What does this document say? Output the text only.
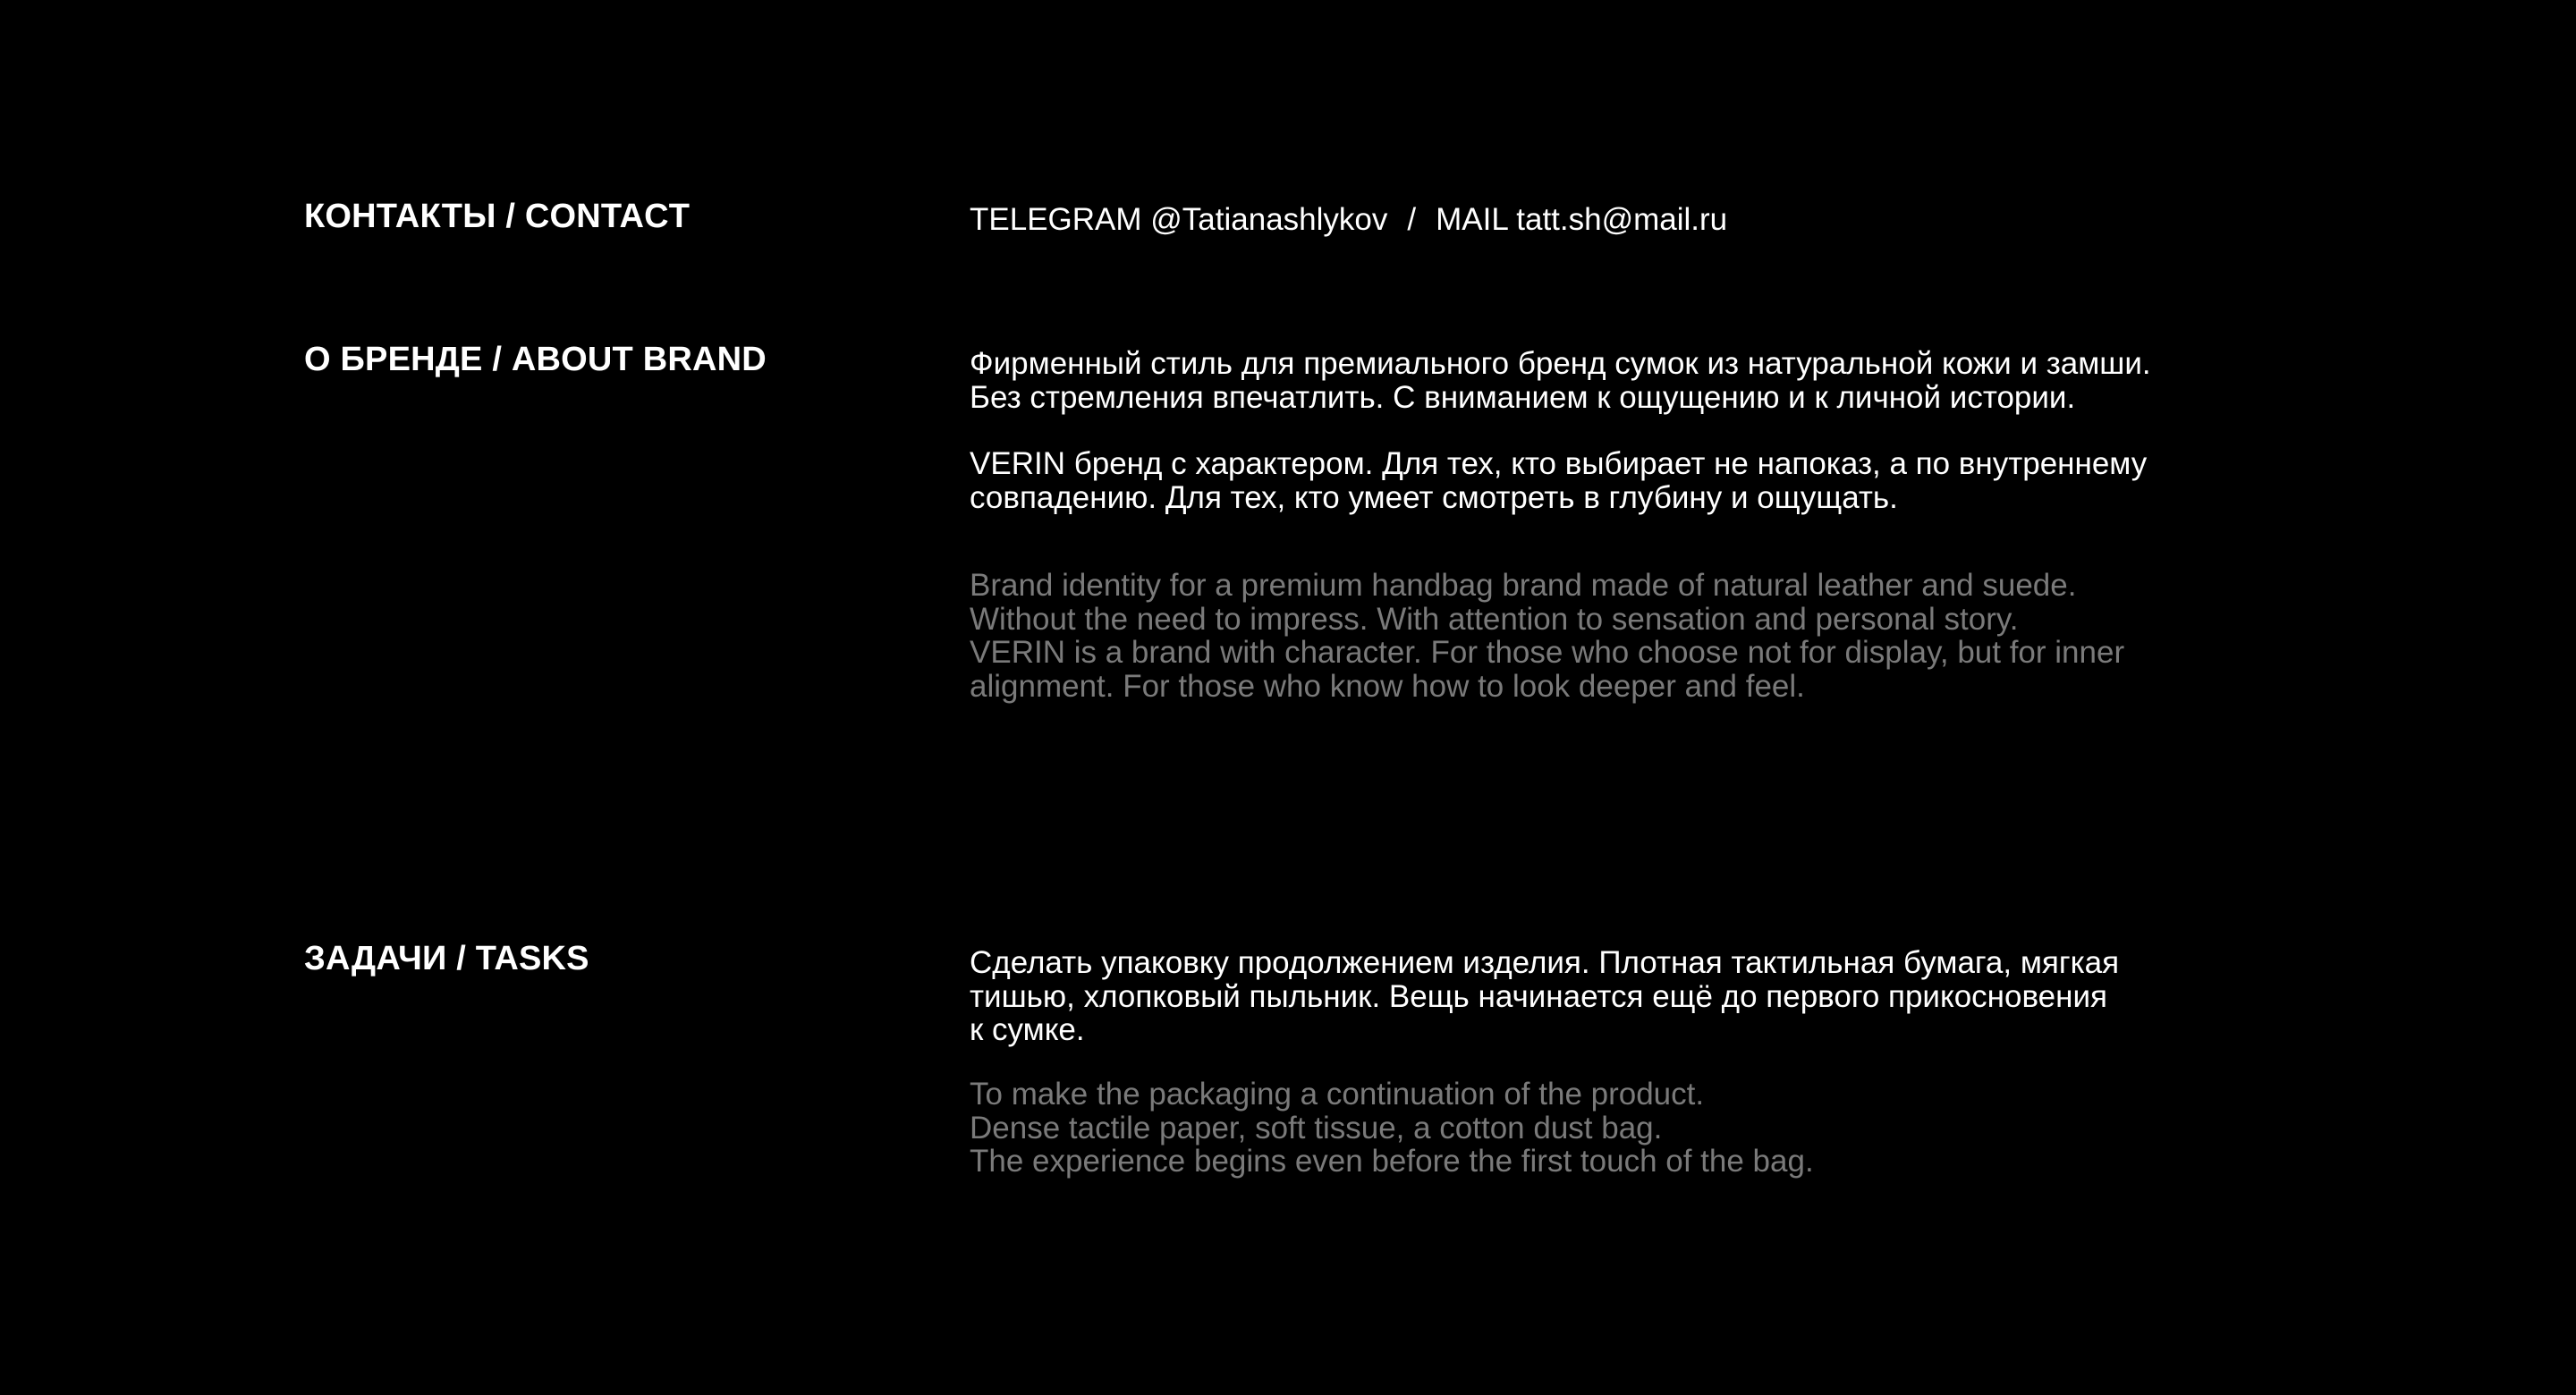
КОНТАКТЫ / CONTACT	TELEGRAM @Tatianashlykov / MAIL tatt.sh@mail.ru

О БРЕНДЕ / ABOUT BRAND	Фирменный стиль для премиального бренд сумок из натуральной кожи и замши.
Без стремления впечатлить. С вниманием к ощущению и к личной истории.

VERIN бренд с характером. Для тех, кто выбирает не напоказ, а по внутреннему
совпадению. Для тех, кто умеет смотреть в глубину и ощущать.

Brand identity for a premium handbag brand made of natural leather and suede.
Without the need to impress. With attention to sensation and personal story.
VERIN is a brand with character. For those who choose not for display, but for inner
alignment. For those who know how to look deeper and feel.

ЗАДАЧИ / TASKS	Сделать упаковку продолжением изделия. Плотная тактильная бумага, мягкая
тишью, хлопковый пыльник. Вещь начинается ещё до первого прикосновения
к сумке.

To make the packaging a continuation of the product.
Dense tactile paper, soft tissue, a cotton dust bag.
The experience begins even before the first touch of the bag.
